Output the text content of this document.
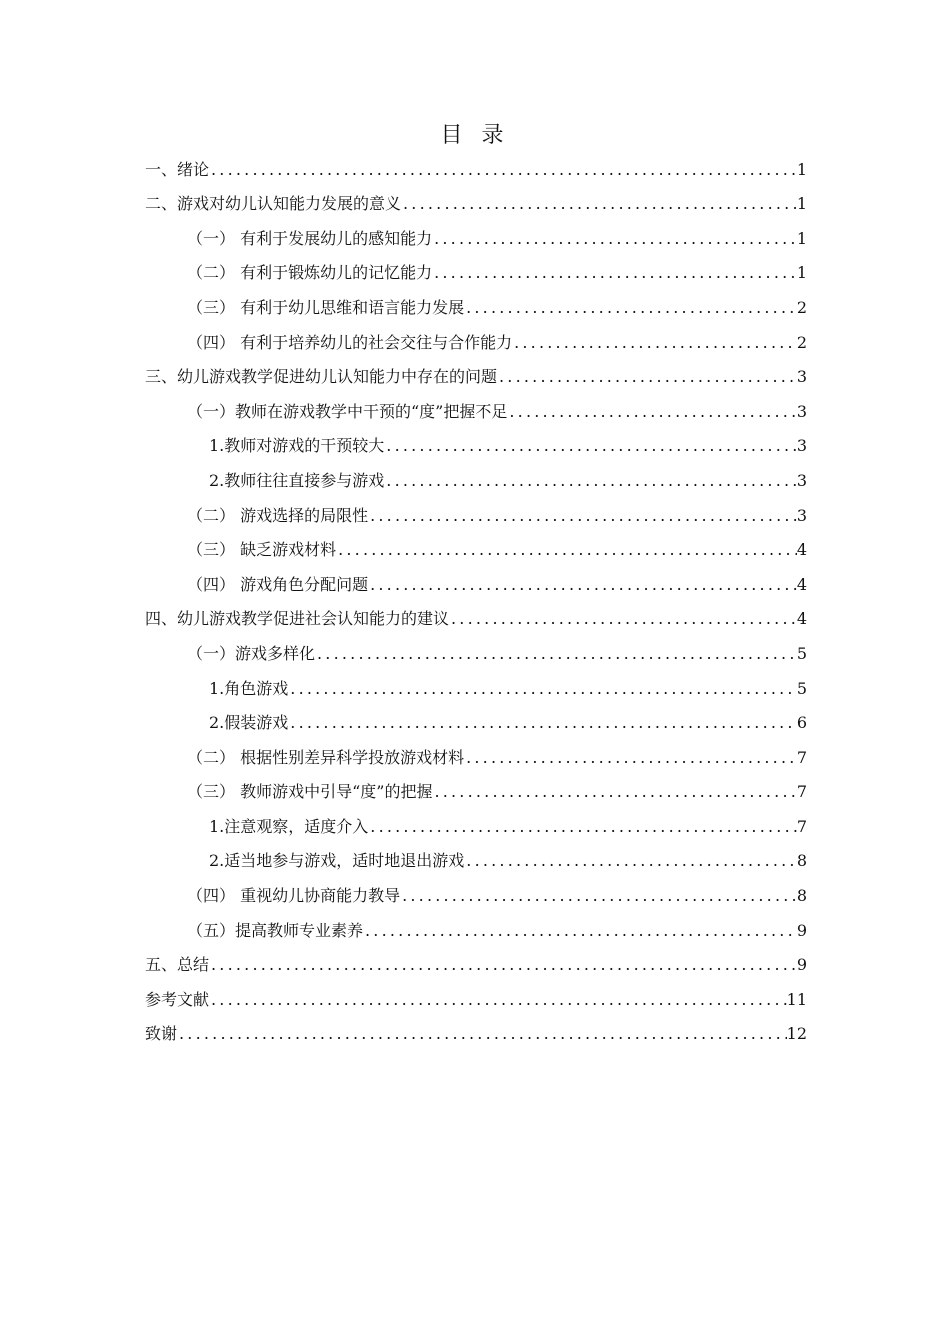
目 录
一、绪论 .....	1
二、游戏对幼儿认知能力发展的意义 .....	1
（一） 有利于发展幼儿的感知能力 .....	1
（二） 有利于锻炼幼儿的记忆能力 .....	1
（三） 有利于幼儿思维和语言能力发展 .....	2
（四） 有利于培养幼儿的社会交往与合作能力 .....	2
三、幼儿游戏教学促进幼儿认知能力中存在的问题 .....	3
（一）教师在游戏教学中干预的“度”把握不足 .....	3
1.教师对游戏的干预较大 .....	3
2.教师往往直接参与游戏 .....	3
（二） 游戏选择的局限性 .....	3
（三） 缺乏游戏材料 .....	4
（四） 游戏角色分配问题 .....	4
四、幼儿游戏教学促进社会认知能力的建议 .....	4
（一）游戏多样化 .....	5
1.角色游戏 .....	5
2.假装游戏 .....	6
（二） 根据性别差异科学投放游戏材料 .....	7
（三） 教师游戏中引导“度”的把握 .....	7
1.注意观察，适度介入 .....	7
2.适当地参与游戏，适时地退出游戏 .....	8
（四） 重视幼儿协商能力教导 .....	8
（五）提高教师专业素养 .....	9
五、总结 .....	9
参考文献 .....	11
致谢 .....	12
